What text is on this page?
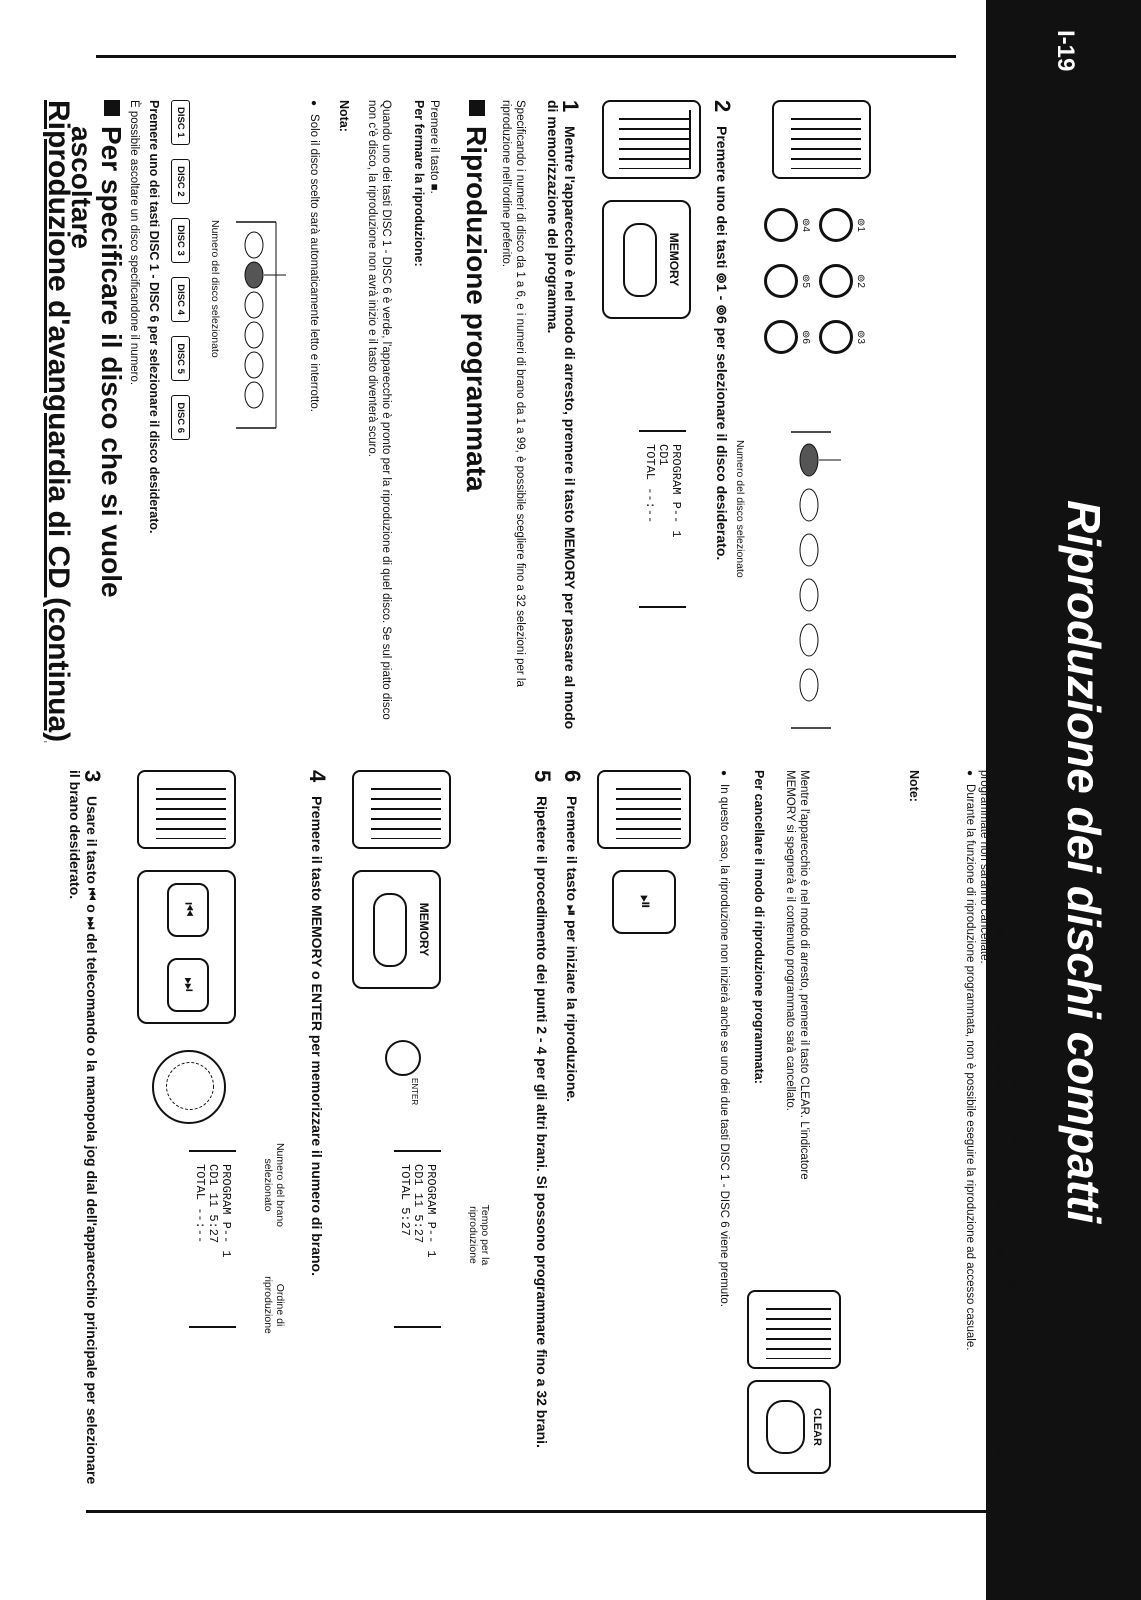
Riproduzione dei dischi compatti
I-19
Riproduzione d'avanguardia di CD (continua) Per specificare il disco che si vuole
ascoltare	È possibile ascoltare un disco specificandone il numero. Premere uno dei tasti DISC 1 - DISC 6 per selezionare il disco desiderato.	DISC 1 DISC 2 DISC 3 DISC 4 DISC 5 DISC 6
Numero del disco selezionato	● Solo il disco scelto sarà automaticamente letto e interrotto. Nota:	Quando uno dei tasti DISC 1 - DISC 6 è verde, l'apparecchio è pronto per la riproduzione di quel disco. Se sul piatto disco non c'è disco, la riproduzione non avrà inizio e il tasto diventerà scuro.	Per fermare la riproduzione: Premere il tasto ■. Riproduzione programmata	Specificando i numeri di disco da 1 a 6, e i numeri di brano da 1 a 99, è possibile scegliere fino a 32 selezioni per la riproduzione nell'ordine preferito.	1Mentre l'apparecchio è nel modo di arresto, premere il tasto MEMORY per passare al modo di memorizzazione del programma.	MEMORY
PROGRAM P-- 1
CD1
TOTAL --:--
2Premere uno dei tasti ⊚1 - ⊚6 per selezionare il disco desiderato. Numero del disco selezionato
⊚1
⊚2
⊚3
⊚4
⊚5
⊚6
3Usare il tasto ⏮ o ⏭ del telecomando o la manopola jog dial dell'apparecchio principale per selezionare il brano desiderato.
⏮
⏭
PROGRAM P-- 1
CD1 11 5:27
TOTAL --:--	Numero del brano selezionato
Ordine di riproduzione
4Premere il tasto MEMORY o ENTER per memorizzare il numero di brano.	MEMORY
ENTER
PROGRAM P-- 1
CD1 11 5:27
TOTAL 5:27	Tempo per la riproduzione
5Ripetere il procedimento dei punti 2 - 4 per gli altri brani. Si possono programmare fino a 32 brani.
6Premere il tasto ⏯ per iniziare la riproduzione.	⏯	● In questo caso, la riproduzione non inizierà anche se uno dei due tasti DISC 1 - DISC 6 viene premuto. Per cancellare il modo di riproduzione programmata:	Mentre l'apparecchio è nel modo di arresto, premere il tasto CLEAR. L'indicatore MEMORY si spegnerà e il contenuto programmato sarà cancellato.
CLEAR
Note:	● L'apertura di un piatto disco dei dischi programmati, cancellerà automaticamente la sequenza programmata.
● Anche se si preme il tasto ON/STAND-BY per passare al modo stand-by o per cambiare dalla funzione CD a un altra funzione, le selezioni programmate non saranno cancellate.
● Durante la funzione di riproduzione programmata, non è possibile eseguire la riproduzione ad accesso casuale.
